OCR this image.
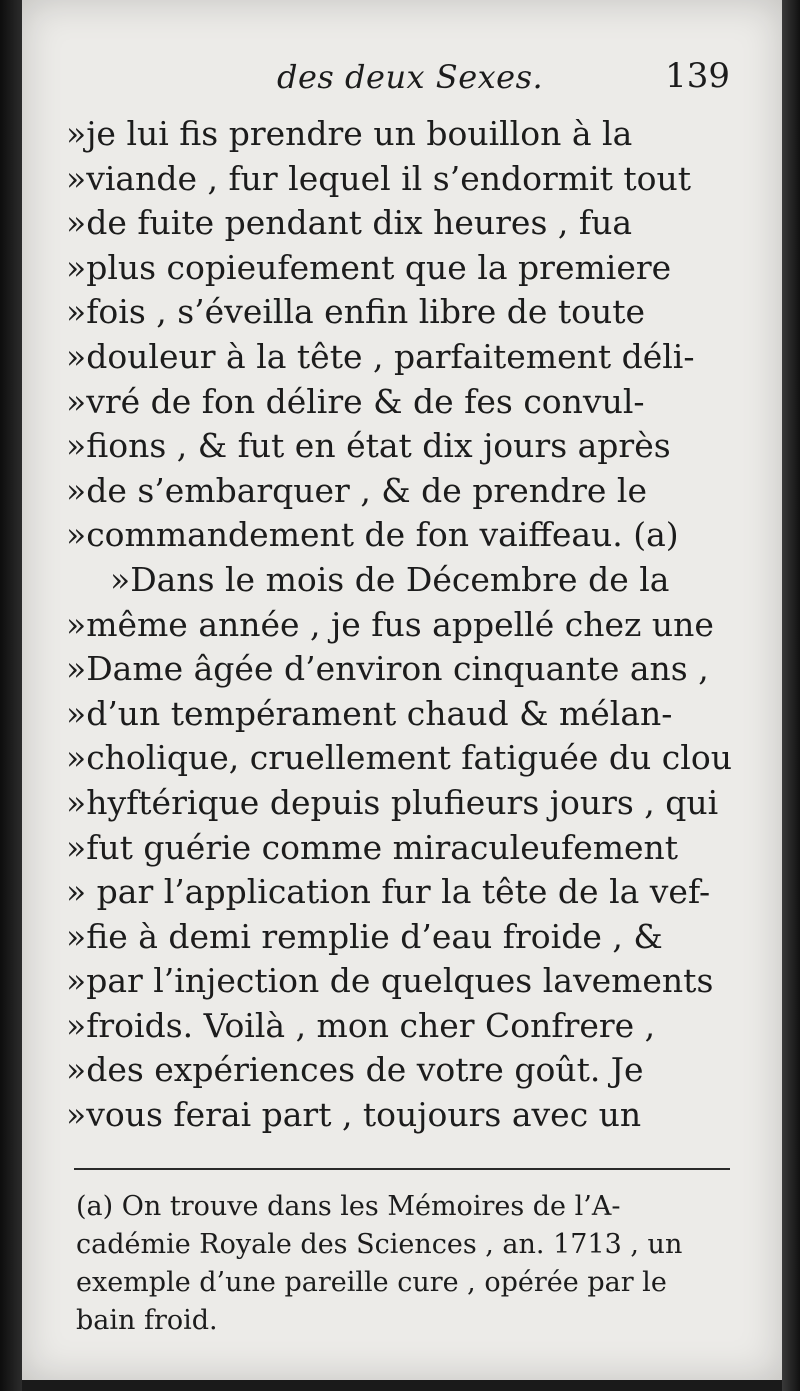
des deux Sexes.	139
»je lui fis prendre un bouillon à la
»viande , fur lequel il s’endormit tout
»de fuite pendant dix heures , fua
»plus copieufement que la premiere
»fois , s’éveilla enfin libre de toute
»douleur à la tête , parfaitement déli-
»vré de fon délire & de fes convul-
»fions , & fut en état dix jours après
»de s’embarquer , & de prendre le
»commandement de fon vaiffeau. (a)
»Dans le mois de Décembre de la
»même année , je fus appellé chez une
»Dame âgée d’environ cinquante ans ,
»d’un tempérament chaud & mélan-
»cholique, cruellement fatiguée du clou
»hyftérique depuis plufieurs jours , qui
»fut guérie comme miraculeufement
» par l’application fur la tête de la vef-
»fie à demi remplie d’eau froide , &
»par l’injection de quelques lavements
»froids. Voilà , mon cher Confrere ,
»des expériences de votre goût. Je
»vous ferai part , toujours avec un
(a) On trouve dans les Mémoires de l’A-
cadémie Royale des Sciences , an. 1713 , un
exemple d’une pareille cure , opérée par le
bain froid.
